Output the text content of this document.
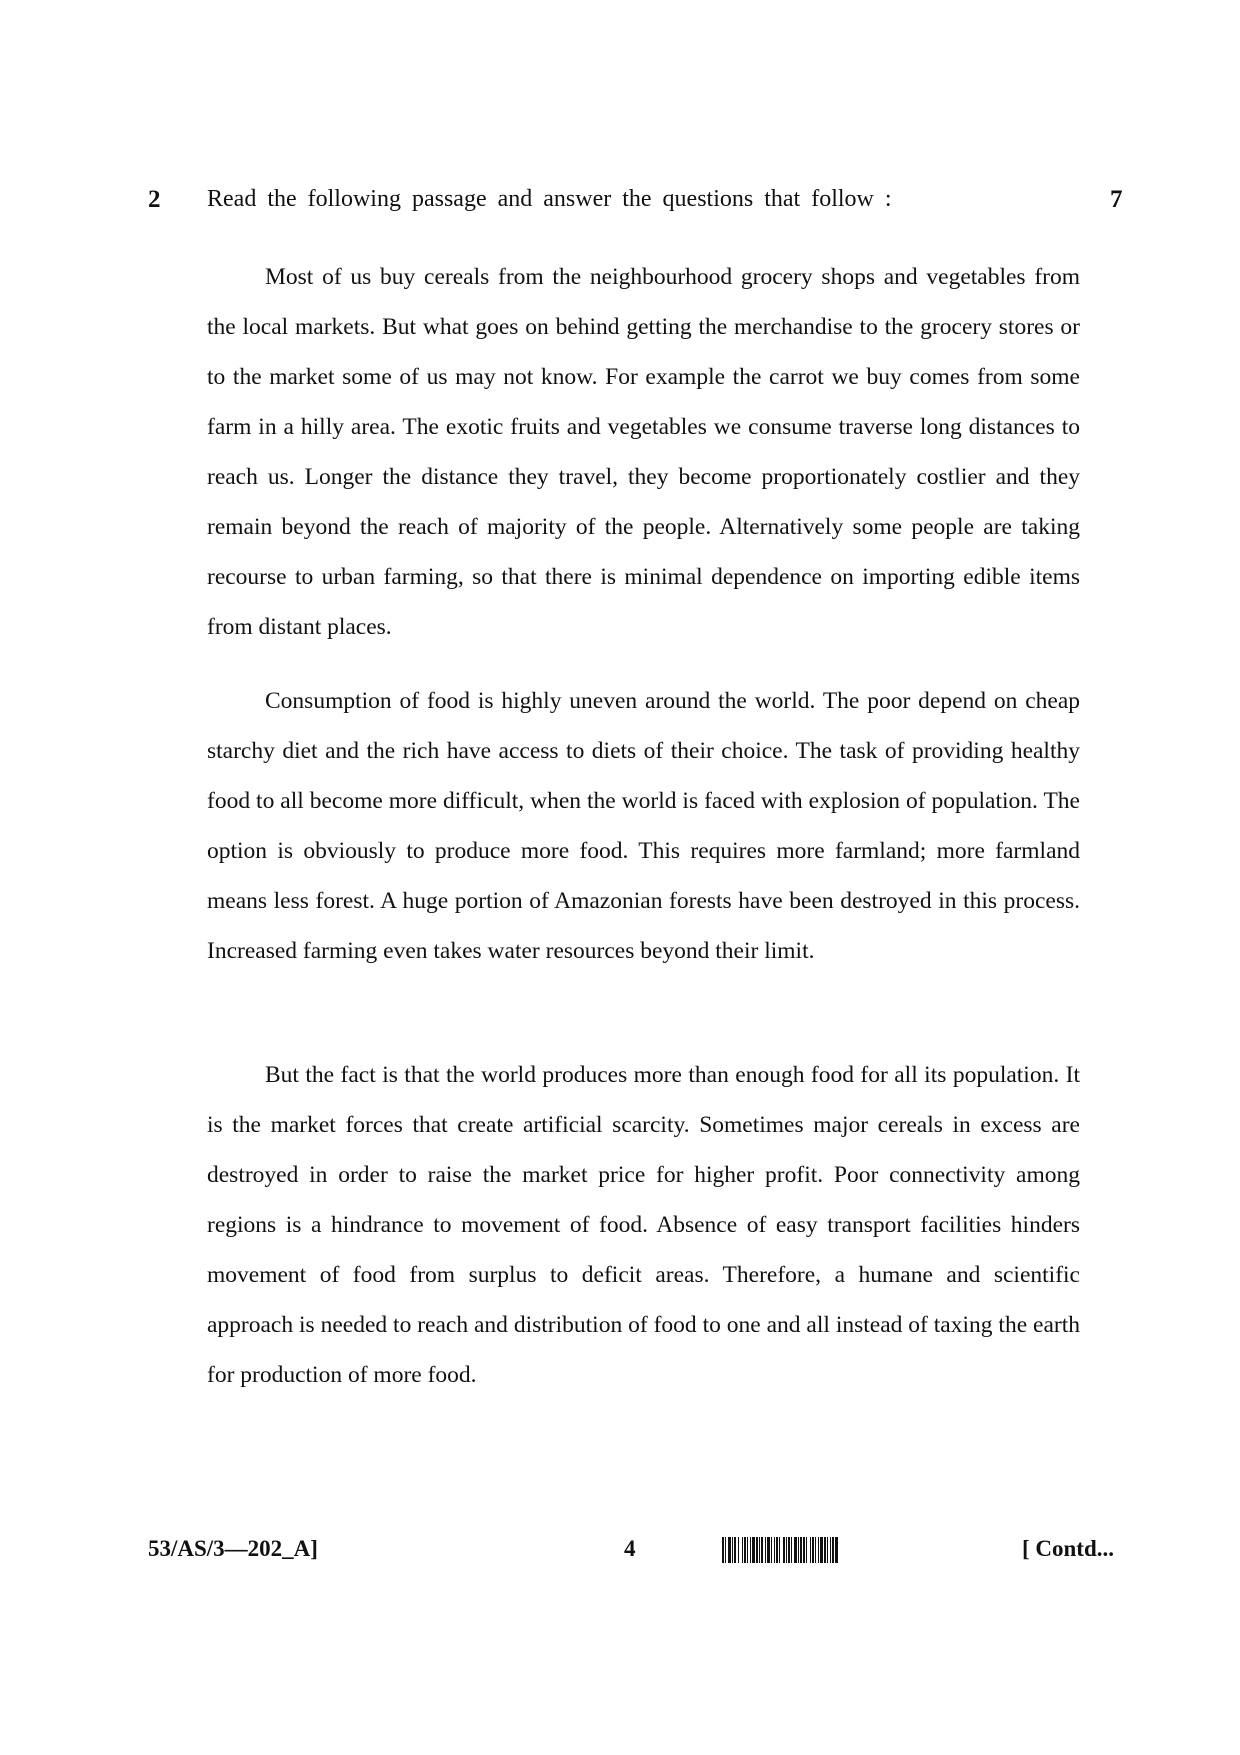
2 Read the following passage and answer the questions that follow :	7

Most of us buy cereals from the neighbourhood grocery shops and vegetables from the local markets. But what goes on behind getting the merchandise to the grocery stores or to the market some of us may not know. For example the carrot we buy comes from some farm in a hilly area. The exotic fruits and vegetables we consume traverse long distances to reach us. Longer the distance they travel, they become proportionately costlier and they remain beyond the reach of majority of the people. Alternatively some people are taking recourse to urban farming, so that there is minimal dependence on importing edible items from distant places.

Consumption of food is highly uneven around the world. The poor depend on cheap starchy diet and the rich have access to diets of their choice. The task of providing healthy food to all become more difficult, when the world is faced with explosion of population. The option is obviously to produce more food. This requires more farmland; more farmland means less forest. A huge portion of Amazonian forests have been destroyed in this process. Increased farming even takes water resources beyond their limit.

But the fact is that the world produces more than enough food for all its population. It is the market forces that create artificial scarcity. Sometimes major cereals in excess are destroyed in order to raise the market price for higher profit. Poor connectivity among regions is a hindrance to movement of food. Absence of easy transport facilities hinders movement of food from surplus to deficit areas. Therefore, a humane and scientific approach is needed to reach and distribution of food to one and all instead of taxing the earth for production of more food.

53/AS/3—202_A]	4	[ Contd...
